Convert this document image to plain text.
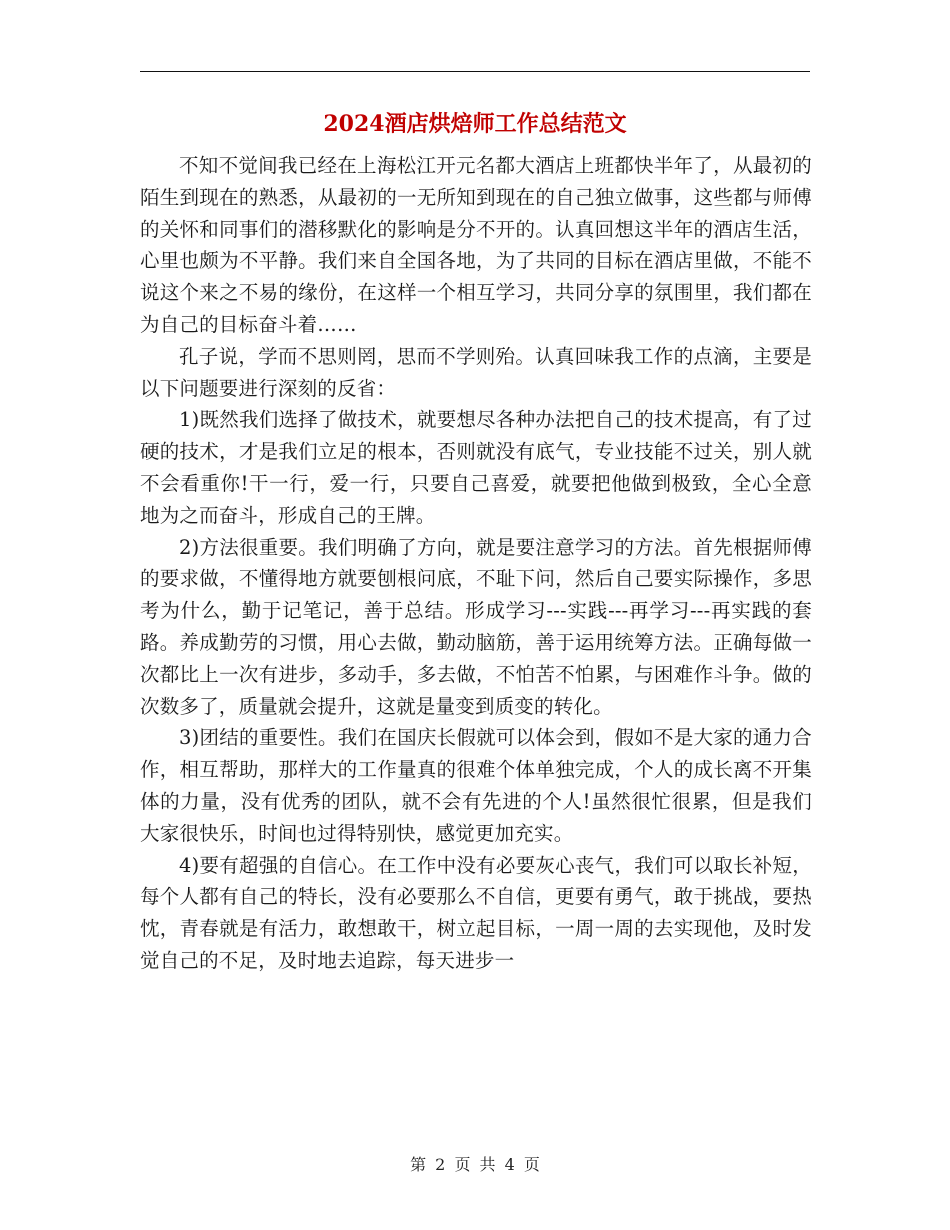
2024酒店烘焙师工作总结范文

不知不觉间我已经在上海松江开元名都大酒店上班都快半年了，从最初的陌生到现在的熟悉，从最初的一无所知到现在的自己独立做事，这些都与师傅的关怀和同事们的潜移默化的影响是分不开的。认真回想这半年的酒店生活，心里也颇为不平静。我们来自全国各地，为了共同的目标在酒店里做，不能不说这个来之不易的缘份，在这样一个相互学习，共同分享的氛围里，我们都在为自己的目标奋斗着……

孔子说，学而不思则罔，思而不学则殆。认真回味我工作的点滴，主要是以下问题要进行深刻的反省：

1)既然我们选择了做技术，就要想尽各种办法把自己的技术提高，有了过硬的技术，才是我们立足的根本，否则就没有底气，专业技能不过关，别人就不会看重你!干一行，爱一行，只要自己喜爱，就要把他做到极致，全心全意地为之而奋斗，形成自己的王牌。

2)方法很重要。我们明确了方向，就是要注意学习的方法。首先根据师傅的要求做，不懂得地方就要刨根问底，不耻下问，然后自己要实际操作，多思考为什么，勤于记笔记，善于总结。形成学习---实践---再学习---再实践的套路。养成勤劳的习惯，用心去做，勤动脑筋，善于运用统筹方法。正确每做一次都比上一次有进步，多动手，多去做，不怕苦不怕累，与困难作斗争。做的次数多了，质量就会提升，这就是量变到质变的转化。

3)团结的重要性。我们在国庆长假就可以体会到，假如不是大家的通力合作，相互帮助，那样大的工作量真的很难个体单独完成，个人的成长离不开集体的力量，没有优秀的团队，就不会有先进的个人!虽然很忙很累，但是我们大家很快乐，时间也过得特别快，感觉更加充实。

4)要有超强的自信心。在工作中没有必要灰心丧气，我们可以取长补短，每个人都有自己的特长，没有必要那么不自信，更要有勇气，敢于挑战，要热忱，青春就是有活力，敢想敢干，树立起目标，一周一周的去实现他，及时发觉自己的不足，及时地去追踪，每天进步一

第 2 页 共 4 页
